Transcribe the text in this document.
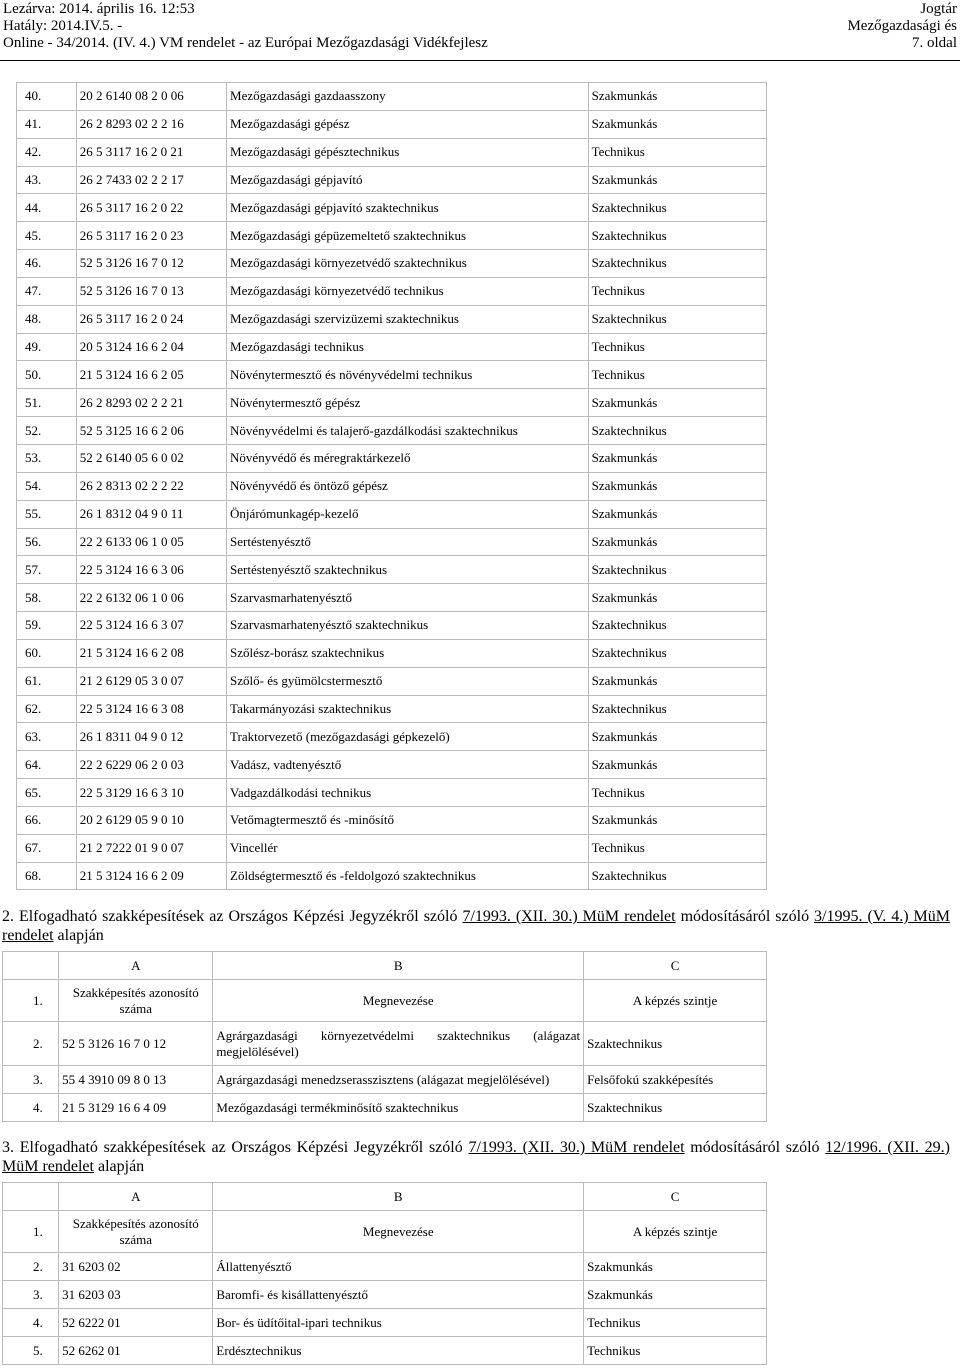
Lezárva: 2014. április 16. 12:53
Hatály: 2014.IV.5. -
Online - 34/2014. (IV. 4.) VM rendelet - az Európai Mezőgazdasági Vidékfejlesz
Jogtár
Mezőgazdasági és
7. oldal
40.	20 2 6140 08 2 0 06	Mezőgazdasági gazdaasszony	Szakmunkás
41.	26 2 8293 02 2 2 16	Mezőgazdasági gépész	Szakmunkás
42.	26 5 3117 16 2 0 21	Mezőgazdasági gépésztechnikus	Technikus
43.	26 2 7433 02 2 2 17	Mezőgazdasági gépjavító	Szakmunkás
44.	26 5 3117 16 2 0 22	Mezőgazdasági gépjavító szaktechnikus	Szaktechnikus
45.	26 5 3117 16 2 0 23	Mezőgazdasági gépüzemeltető szaktechnikus	Szaktechnikus
46.	52 5 3126 16 7 0 12	Mezőgazdasági környezetvédő szaktechnikus	Szaktechnikus
47.	52 5 3126 16 7 0 13	Mezőgazdasági környezetvédő technikus	Technikus
48.	26 5 3117 16 2 0 24	Mezőgazdasági szervizüzemi szaktechnikus	Szaktechnikus
49.	20 5 3124 16 6 2 04	Mezőgazdasági technikus	Technikus
50.	21 5 3124 16 6 2 05	Növénytermesztő és növényvédelmi technikus	Technikus
51.	26 2 8293 02 2 2 21	Növénytermesztő gépész	Szakmunkás
52.	52 5 3125 16 6 2 06	Növényvédelmi és talajerő-gazdálkodási szaktechnikus	Szaktechnikus
53.	52 2 6140 05 6 0 02	Növényvédő és méregraktárkezelő	Szakmunkás
54.	26 2 8313 02 2 2 22	Növényvédő és öntöző gépész	Szakmunkás
55.	26 1 8312 04 9 0 11	Önjárómunkagép-kezelő	Szakmunkás
56.	22 2 6133 06 1 0 05	Sertéstenyésztő	Szakmunkás
57.	22 5 3124 16 6 3 06	Sertéstenyésztő szaktechnikus	Szaktechnikus
58.	22 2 6132 06 1 0 06	Szarvasmarhatenyésztő	Szakmunkás
59.	22 5 3124 16 6 3 07	Szarvasmarhatenyésztő szaktechnikus	Szaktechnikus
60.	21 5 3124 16 6 2 08	Szőlész-borász szaktechnikus	Szaktechnikus
61.	21 2 6129 05 3 0 07	Szőlő- és gyümölcstermesztő	Szakmunkás
62.	22 5 3124 16 6 3 08	Takarmányozási szaktechnikus	Szaktechnikus
63.	26 1 8311 04 9 0 12	Traktorvezető (mezőgazdasági gépkezelő)	Szakmunkás
64.	22 2 6229 06 2 0 03	Vadász, vadtenyésztő	Szakmunkás
65.	22 5 3129 16 6 3 10	Vadgazdálkodási technikus	Technikus
66.	20 2 6129 05 9 0 10	Vetőmagtermesztő és -minősítő	Szakmunkás
67.	21 2 7222 01 9 0 07	Vincellér	Technikus
68.	21 5 3124 16 6 2 09	Zöldségtermesztő és -feldolgozó szaktechnikus	Szaktechnikus
2. Elfogadható szakképesítések az Országos Képzési Jegyzékről szóló 7/1993. (XII. 30.) MüM rendelet módosításáról szóló 3/1995. (V. 4.) MüM rendelet alapján
	A	B	C
1.	Szakképesítés azonosító száma	Megnevezése	A képzés szintje
2.	52 5 3126 16 7 0 12	Agrárgazdasági környezetvédelmi szaktechnikus (alágazat megjelölésével)	Szaktechnikus
3.	55 4 3910 09 8 0 13	Agrárgazdasági menedzserasszisztens (alágazat megjelölésével)	Felsőfokú szakképesítés
4.	21 5 3129 16 6 4 09	Mezőgazdasági termékminősítő szaktechnikus	Szaktechnikus
3. Elfogadható szakképesítések az Országos Képzési Jegyzékről szóló 7/1993. (XII. 30.) MüM rendelet módosításáról szóló 12/1996. (XII. 29.) MüM rendelet alapján
	A	B	C
1.	Szakképesítés azonosító száma	Megnevezése	A képzés szintje
2.	31 6203 02	Állattenyésztő	Szakmunkás
3.	31 6203 03	Baromfi- és kisállattenyésztő	Szakmunkás
4.	52 6222 01	Bor- és üdítőital-ipari technikus	Technikus
5.	52 6262 01	Erdésztechnikus	Technikus
